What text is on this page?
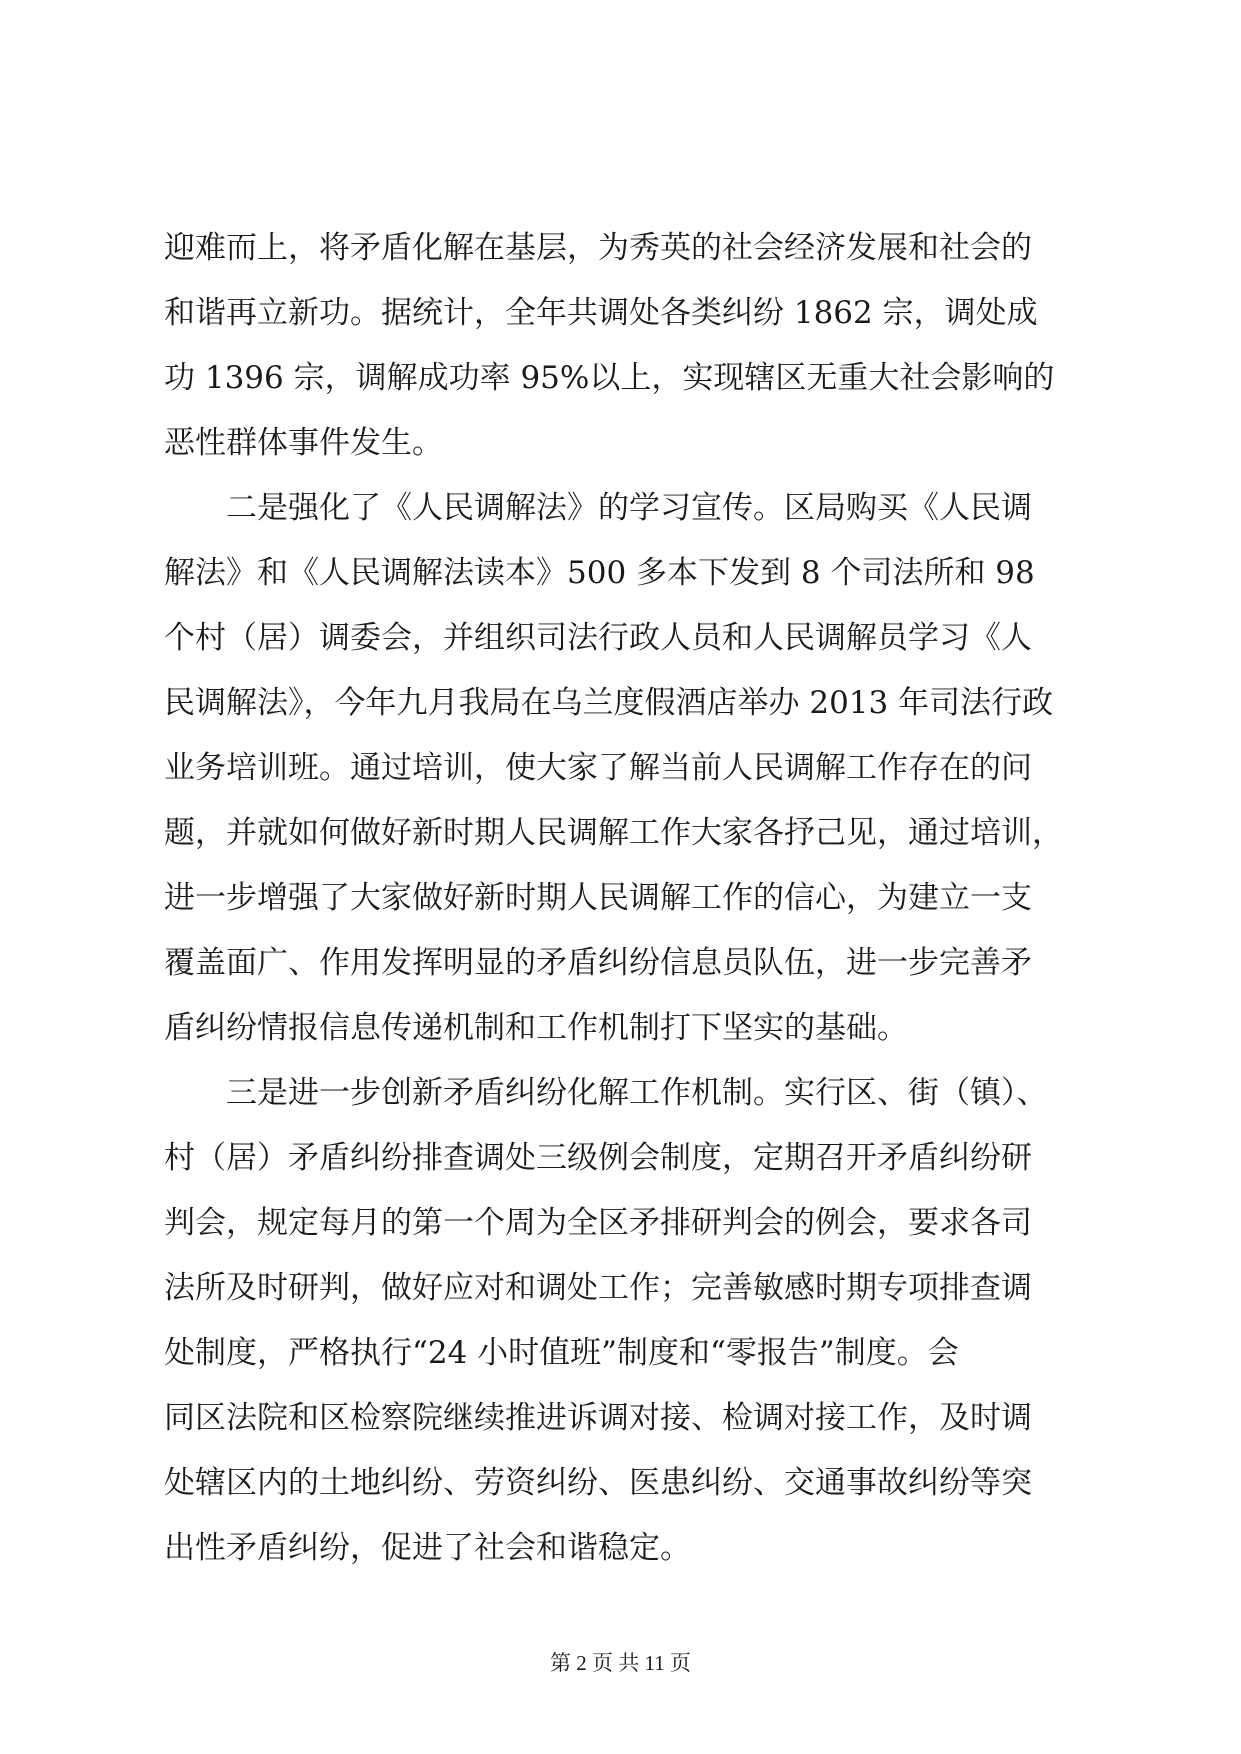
迎难而上，将矛盾化解在基层，为秀英的社会经济发展和社会的
和谐再立新功。据统计，全年共调处各类纠纷 1862 宗，调处成
功 1396 宗，调解成功率 95%以上，实现辖区无重大社会影响的
恶性群体事件发生。
二是强化了《人民调解法》的学习宣传。区局购买《人民调
解法》和《人民调解法读本》500 多本下发到 8 个司法所和 98
个村（居）调委会，并组织司法行政人员和人民调解员学习《人
民调解法》，今年九月我局在乌兰度假酒店举办 2013 年司法行政
业务培训班。通过培训，使大家了解当前人民调解工作存在的问
题，并就如何做好新时期人民调解工作大家各抒己见，通过培训，
进一步增强了大家做好新时期人民调解工作的信心，为建立一支
覆盖面广、作用发挥明显的矛盾纠纷信息员队伍，进一步完善矛
盾纠纷情报信息传递机制和工作机制打下坚实的基础。
三是进一步创新矛盾纠纷化解工作机制。实行区、街（镇）、
村（居）矛盾纠纷排查调处三级例会制度，定期召开矛盾纠纷研
判会，规定每月的第一个周为全区矛排研判会的例会，要求各司
法所及时研判，做好应对和调处工作；完善敏感时期专项排查调
处制度，严格执行“24 小时值班”制度和“零报告”制度。会
同区法院和区检察院继续推进诉调对接、检调对接工作，及时调
处辖区内的土地纠纷、劳资纠纷、医患纠纷、交通事故纠纷等突
出性矛盾纠纷，促进了社会和谐稳定。
第 2 页 共 11 页
